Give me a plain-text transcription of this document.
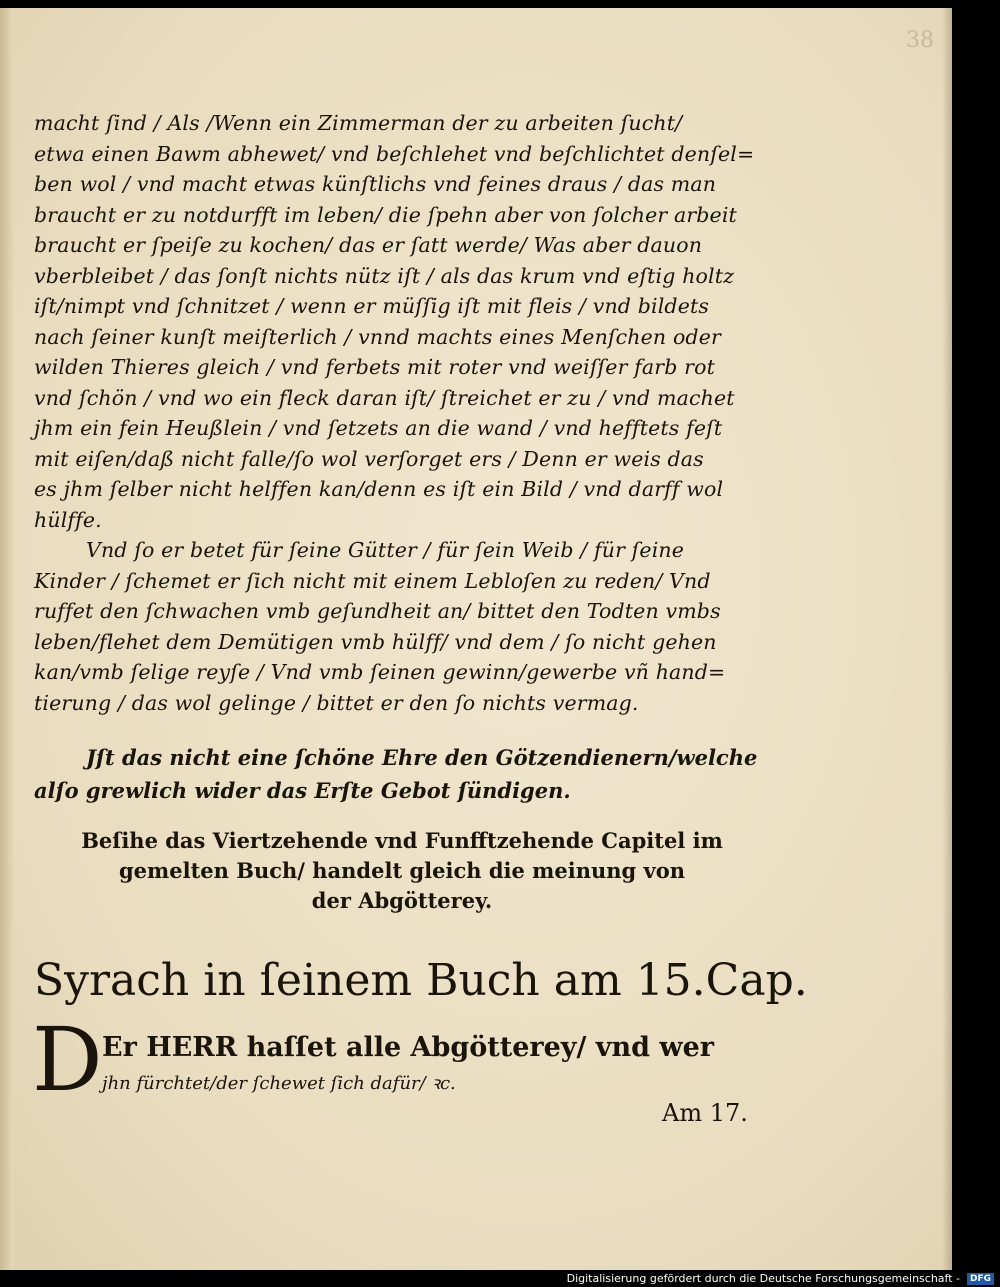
38
macht ſind / Als /Wenn ein Zimmerman der zu arbeiten ſucht/
etwa einen Bawm abhewet/ vnd beſchlehet vnd beſchlichtet denſel=
ben wol / vnd macht etwas künſtlichs vnd feines draus / das man
braucht er zu notdurfft im leben/ die ſpehn aber von ſolcher arbeit
braucht er ſpeiſe zu kochen/ das er ſatt werde/ Was aber dauon
vberbleibet / das ſonſt nichts nütz iſt / als das krum vnd eſtig holtz
iſt/nimpt vnd ſchnitzet / wenn er müſſig iſt mit fleis / vnd bildets
nach ſeiner kunſt meiſterlich / vnnd machts eines Menſchen oder
wilden Thieres gleich / vnd ferbets mit roter vnd weiſſer farb rot
vnd ſchön / vnd wo ein fleck daran iſt/ ſtreichet er zu / vnd machet
jhm ein fein Heußlein / vnd ſetzets an die wand / vnd hefftets feſt
mit eiſen/daß nicht falle/ſo wol verſorget ers / Denn er weis das
es jhm ſelber nicht helffen kan/denn es iſt ein Bild / vnd darff wol
hülffe.
Vnd ſo er betet für ſeine Gütter / für ſein Weib / für ſeine
Kinder / ſchemet er ſich nicht mit einem Lebloſen zu reden/ Vnd
ruffet den ſchwachen vmb geſundheit an/ bittet den Todten vmbs
leben/flehet dem Demütigen vmb hülff/ vnd dem / ſo nicht gehen
kan/vmb ſelige reyſe / Vnd vmb ſeinen gewinn/gewerbe vñ hand=
tierung / das wol gelinge / bittet er den ſo nichts vermag.
Jſt das nicht eine ſchöne Ehre den Götzendienern/welche
alſo grewlich wider das Erſte Gebot ſündigen.
Beſihe das Viertzehende vnd Funfftzehende Capitel im
gemelten Buch/ handelt gleich die meinung von
der Abgötterey.
Syrach in ſeinem Buch am 15.Cap.
D Er HERR haſſet alle Abgötterey/ vnd wer
jhn fürchtet/der ſchewet ſich dafür/ ꝛc.
Am 17.
Digitalisierung gefördert durch die Deutsche Forschungsgemeinschaft -	DFG
